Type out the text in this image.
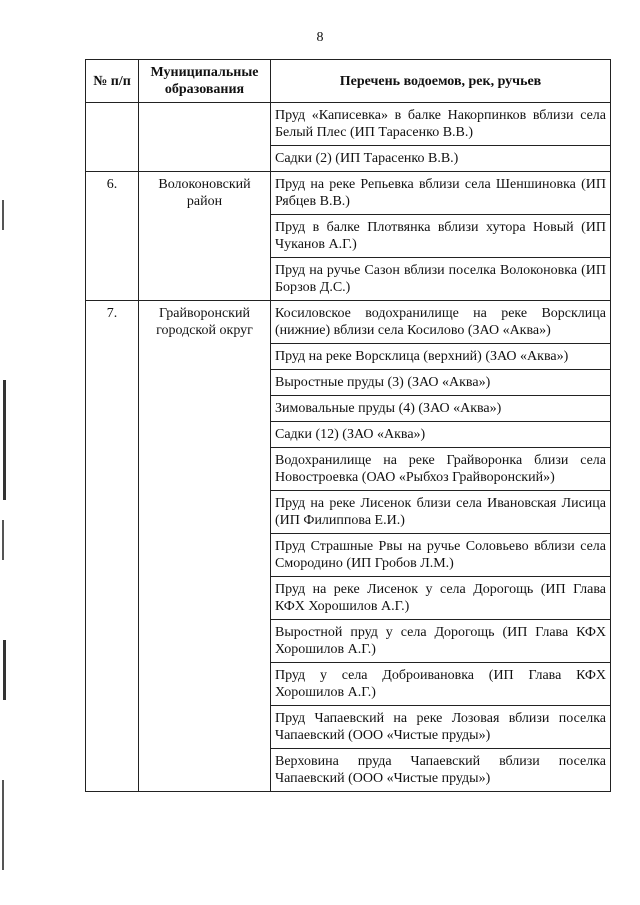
8
№ п/п	Муниципальные образования	Перечень водоемов, рек, ручьев
		Пруд «Каписевка» в балке Накорпинков вблизи села Белый Плес (ИП Тарасенко В.В.)
		Садки (2) (ИП Тарасенко В.В.)
6.	Волоконовский район	Пруд на реке Репьевка вблизи села Шеншиновка (ИП Рябцев В.В.)
		Пруд в балке Плотвянка вблизи хутора Новый (ИП Чуканов А.Г.)
		Пруд на ручье Сазон вблизи поселка Волоконовка (ИП Борзов Д.С.)
7.	Грайворонский городской округ	Косиловское водохранилище на реке Ворсклица (нижние) вблизи села Косилово (ЗАО «Аква»)
		Пруд на реке Ворсклица (верхний) (ЗАО «Аква»)
		Выростные пруды (3) (ЗАО «Аква»)
		Зимовальные пруды (4) (ЗАО «Аква»)
		Садки (12) (ЗАО «Аква»)
		Водохранилище на реке Грайворонка близи села Новостроевка (ОАО «Рыбхоз Грайворонский»)
		Пруд на реке Лисенок близи села Ивановская Лисица (ИП Филиппова Е.И.)
		Пруд Страшные Рвы на ручье Соловьево вблизи села Смородино (ИП Гробов Л.М.)
		Пруд на реке Лисенок у села Дорогощь (ИП Глава КФХ Хорошилов А.Г.)
		Выростной пруд у села Дорогощь (ИП Глава КФХ Хорошилов А.Г.)
		Пруд у села Доброивановка (ИП Глава КФХ Хорошилов А.Г.)
		Пруд Чапаевский на реке Лозовая вблизи поселка Чапаевский (ООО «Чистые пруды»)
		Верховина пруда Чапаевский вблизи поселка Чапаевский (ООО «Чистые пруды»)
